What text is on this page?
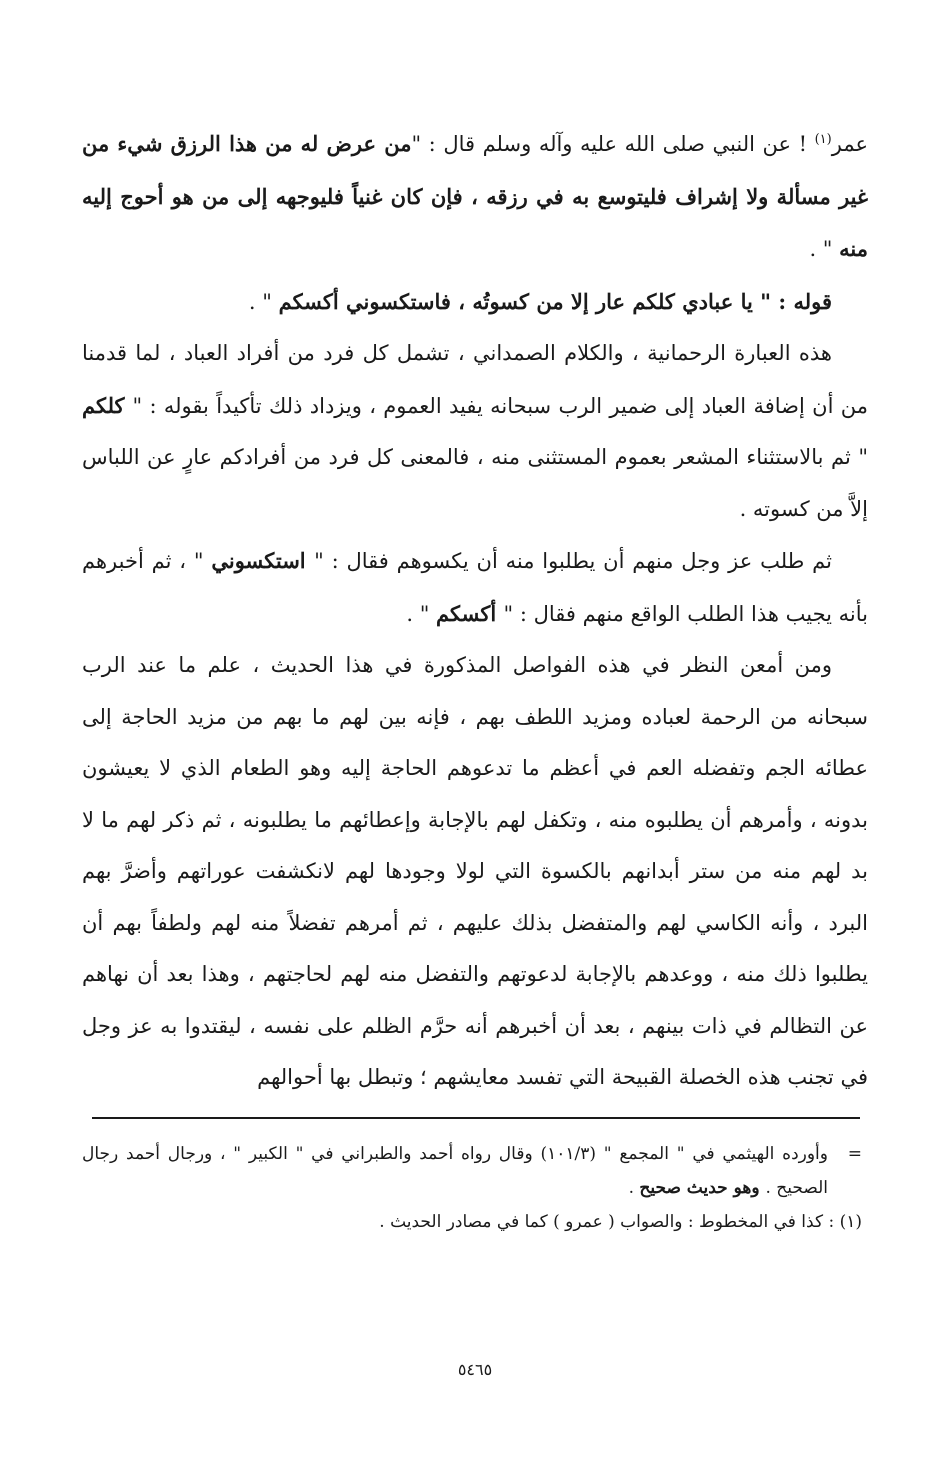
عمر$^{(١)}$ ! عن النبي صلى الله عليه وآله وسلم قال : "من عرض له من هذا الرزق شيء من غير مسألة ولا إشراف فليتوسع به في رزقه ، فإن كان غنياً فليوجهه إلى من هو أحوج إليه منه " .

قوله : " يا عبادي كلكم عار إلا من كسوتُه ، فاستكسوني أكسكم " .

هذه العبارة الرحمانية ، والكلام الصمداني ، تشمل كل فرد من أفراد العباد ، لما قدمنا من أن إضافة العباد إلى ضمير الرب سبحانه يفيد العموم ، ويزداد ذلك تأكيداً بقوله : " كلكم " ثم بالاستثناء المشعر بعموم المستثنى منه ، فالمعنى كل فرد من أفرادكم عارٍ عن اللباس إلاَّ من كسوته .

ثم طلب عز وجل منهم أن يطلبوا منه أن يكسوهم فقال : " استكسوني " ، ثم أخبرهم بأنه يجيب هذا الطلب الواقع منهم فقال : " أكسكم " .

ومن أمعن النظر في هذه الفواصل المذكورة في هذا الحديث ، علم ما عند الرب سبحانه من الرحمة لعباده ومزيد اللطف بهم ، فإنه بين لهم ما بهم من مزيد الحاجة إلى عطائه الجم وتفضله العم في أعظم ما تدعوهم الحاجة إليه وهو الطعام الذي لا يعيشون بدونه ، وأمرهم أن يطلبوه منه ، وتكفل لهم بالإجابة وإعطائهم ما يطلبونه ، ثم ذكر لهم ما لا بد لهم منه من ستر أبدانهم بالكسوة التي لولا وجودها لهم لانكشفت عوراتهم وأضرَّ بهم البرد ، وأنه الكاسي لهم والمتفضل بذلك عليهم ، ثم أمرهم تفضلاً منه لهم ولطفاً بهم أن يطلبوا ذلك منه ، ووعدهم بالإجابة لدعوتهم والتفضل منه لهم لحاجتهم ، وهذا بعد أن نهاهم عن التظالم في ذات بينهم ، بعد أن أخبرهم أنه حرَّم الظلم على نفسه ، ليقتدوا به عز وجل في تجنب هذه الخصلة القبيحة التي تفسد معايشهم ؛ وتبطل بها أحوالهم

=وأورده الهيثمي في " المجمع " (١٠١/٣) وقال رواه أحمد والطبراني في " الكبير " ، ورجال أحمد رجال الصحيح . وهو حديث صحيح .

(١) : كذا في المخطوط : والصواب ( عمرو ) كما في مصادر الحديث .

٥٤٦٥
